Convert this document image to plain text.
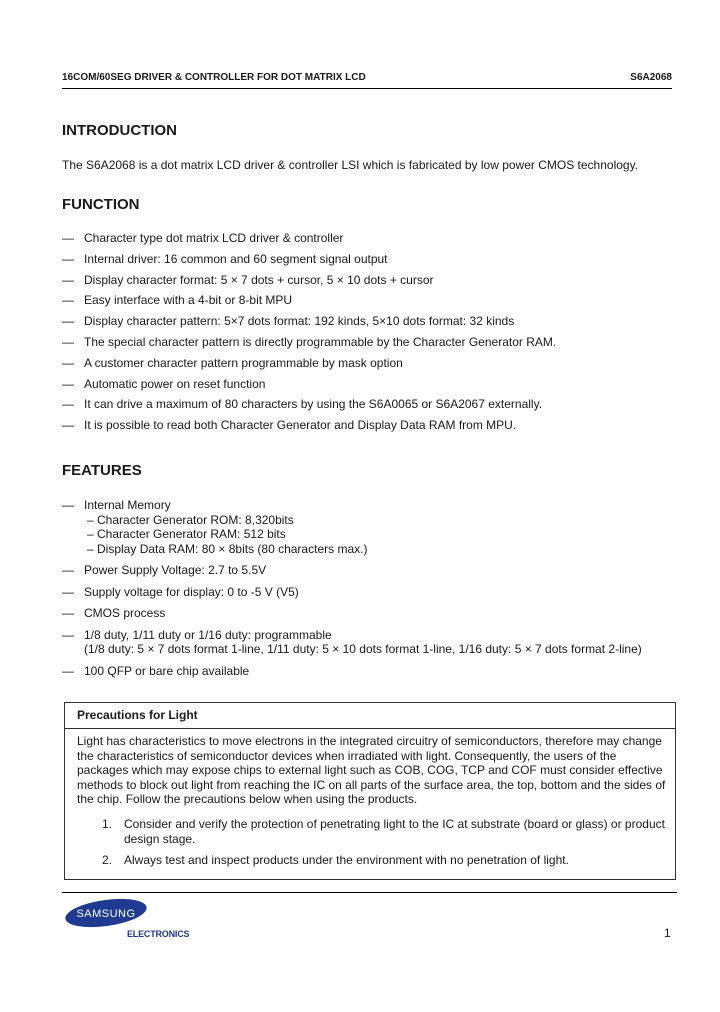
16COM/60SEG DRIVER & CONTROLLER FOR DOT MATRIX LCD	S6A2068
INTRODUCTION
The S6A2068 is a dot matrix LCD driver & controller LSI which is fabricated by low power CMOS technology.
FUNCTION
— Character type dot matrix LCD driver & controller
— Internal driver: 16 common and 60 segment signal output
— Display character format: 5 × 7 dots + cursor, 5 × 10 dots + cursor
— Easy interface with a 4-bit or 8-bit MPU
— Display character pattern: 5×7 dots format: 192 kinds, 5×10 dots format: 32 kinds
— The special character pattern is directly programmable by the Character Generator RAM.
— A customer character pattern programmable by mask option
— Automatic power on reset function
— It can drive a maximum of 80 characters by using the S6A0065 or S6A2067 externally.
— It is possible to read both Character Generator and Display Data RAM from MPU.
FEATURES
— Internal Memory
– Character Generator ROM: 8,320bits
– Character Generator RAM: 512 bits
– Display Data RAM: 80 × 8bits (80 characters max.)
— Power Supply Voltage: 2.7 to 5.5V
— Supply voltage for display: 0 to -5 V (V5)
— CMOS process
— 1/8 duty, 1/11 duty or 1/16 duty: programmable
(1/8 duty: 5 × 7 dots format 1-line, 1/11 duty: 5 × 10 dots format 1-line, 1/16 duty: 5 × 7 dots format 2-line)
— 100 QFP or bare chip available
Precautions for Light
Light has characteristics to move electrons in the integrated circuitry of semiconductors, therefore may change the characteristics of semiconductor devices when irradiated with light. Consequently, the users of the packages which may expose chips to external light such as COB, COG, TCP and COF must consider effective methods to block out light from reaching the IC on all parts of the surface area, the top, bottom and the sides of the chip. Follow the precautions below when using the products.
1. Consider and verify the protection of penetrating light to the IC at substrate (board or glass) or product design stage.
2. Always test and inspect products under the environment with no penetration of light.
SAMSUNG
ELECTRONICS	1
